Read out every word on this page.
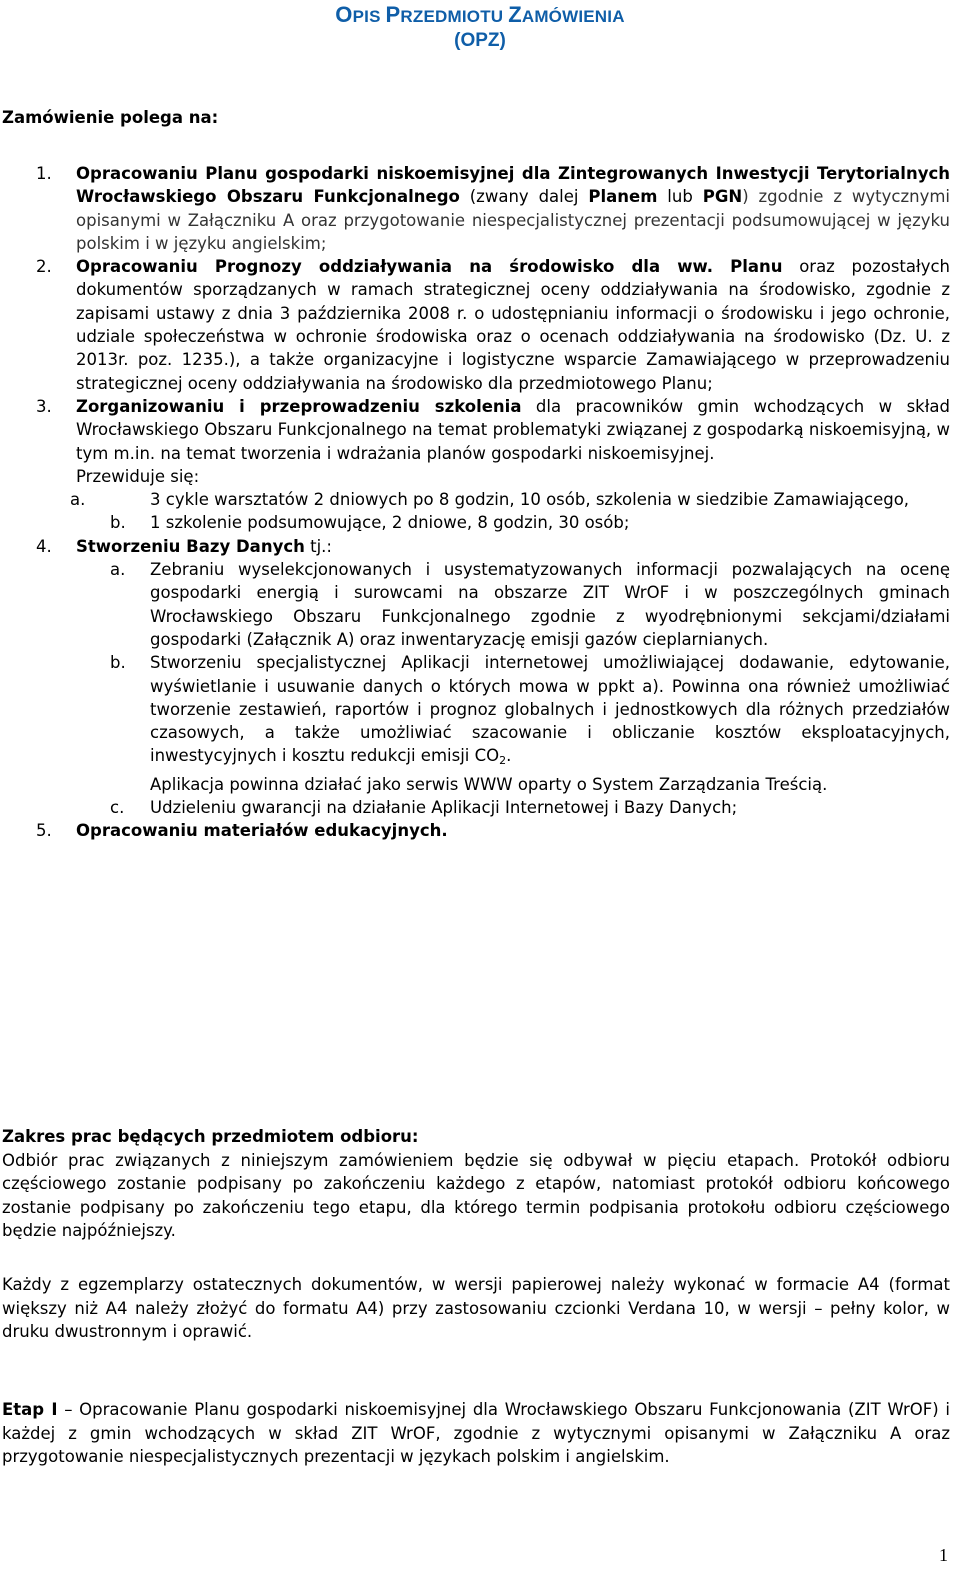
OPIS PRZEDMIOTU ZAMÓWIENIA
(OPZ)
Zamówienie polega na:
1.	Opracowaniu Planu gospodarki niskoemisyjnej dla Zintegrowanych Inwestycji Terytorialnych Wrocławskiego Obszaru Funkcjonalnego (zwany dalej Planem lub PGN) zgodnie z wytycznymi opisanymi w Załączniku A oraz przygotowanie niespecjalistycznej prezentacji podsumowującej w języku polskim i w języku angielskim;
2.	Opracowaniu Prognozy oddziaływania na środowisko dla ww. Planu oraz pozostałych dokumentów sporządzanych w ramach strategicznej oceny oddziaływania na środowisko, zgodnie z zapisami ustawy z dnia 3 października 2008 r. o udostępnianiu informacji o środowisku i jego ochronie, udziale społeczeństwa w ochronie środowiska oraz o ocenach oddziaływania na środowisko (Dz. U. z 2013r. poz. 1235.), a także organizacyjne i logistyczne wsparcie Zamawiającego w przeprowadzeniu strategicznej oceny oddziaływania na środowisko dla przedmiotowego Planu;
3.	Zorganizowaniu i przeprowadzeniu szkolenia dla pracowników gmin wchodzących w skład Wrocławskiego Obszaru Funkcjonalnego na temat problematyki związanej z gospodarką niskoemisyjną, w tym m.in. na temat tworzenia i wdrażania planów gospodarki niskoemisyjnej.
Przewiduje się:
a.	3 cykle warsztatów 2 dniowych po 8 godzin, 10 osób, szkolenia w siedzibie Zamawiającego,
b. 1 szkolenie podsumowujące, 2 dniowe, 8 godzin, 30 osób;
4.	Stworzeniu Bazy Danych tj.:
a. Zebraniu wyselekcjonowanych i usystematyzowanych informacji pozwalających na ocenę gospodarki energią i surowcami na obszarze ZIT WrOF i w poszczególnych gminach Wrocławskiego Obszaru Funkcjonalnego zgodnie z wyodrębnionymi sekcjami/działami gospodarki (Załącznik A) oraz inwentaryzację emisji gazów cieplarnianych.
b. Stworzeniu specjalistycznej Aplikacji internetowej umożliwiającej dodawanie, edytowanie, wyświetlanie i usuwanie danych o których mowa w ppkt a). Powinna ona również umożliwiać tworzenie zestawień, raportów i prognoz globalnych i jednostkowych dla różnych przedziałów czasowych, a także umożliwiać szacowanie i obliczanie kosztów eksploatacyjnych, inwestycyjnych i kosztu redukcji emisji $CO_2$.
Aplikacja powinna działać jako serwis WWW oparty o System Zarządzania Treścią.
c. Udzieleniu gwarancji na działanie Aplikacji Internetowej i Bazy Danych;
5.	Opracowaniu materiałów edukacyjnych.
Zakres prac będących przedmiotem odbioru:
Odbiór prac związanych z niniejszym zamówieniem będzie się odbywał w pięciu etapach. Protokół odbioru częściowego zostanie podpisany po zakończeniu każdego z etapów, natomiast protokół odbioru końcowego zostanie podpisany po zakończeniu tego etapu, dla którego termin podpisania protokołu odbioru częściowego będzie najpóźniejszy.
Każdy z egzemplarzy ostatecznych dokumentów, w wersji papierowej należy wykonać w formacie A4 (format większy niż A4 należy złożyć do formatu A4) przy zastosowaniu czcionki Verdana 10, w wersji – pełny kolor, w druku dwustronnym i oprawić.
Etap I – Opracowanie Planu gospodarki niskoemisyjnej dla Wrocławskiego Obszaru Funkcjonowania (ZIT WrOF) i każdej z gmin wchodzących w skład ZIT WrOF, zgodnie z wytycznymi opisanymi w Załączniku A oraz przygotowanie niespecjalistycznych prezentacji w językach polskim i angielskim.
1
